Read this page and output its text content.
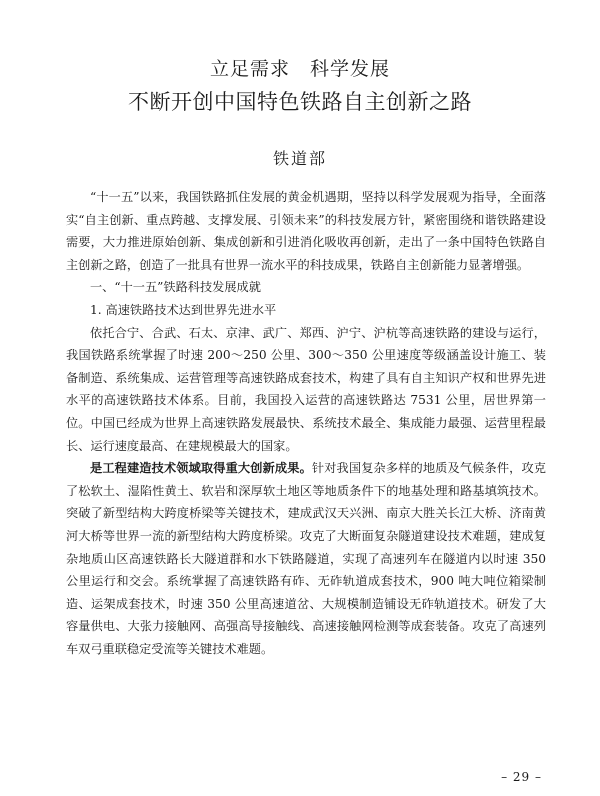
立足需求　科学发展
不断开创中国特色铁路自主创新之路
铁道部

“十一五”以来，我国铁路抓住发展的黄金机遇期，坚持以科学发展观为指导，全面落实“自主创新、重点跨越、支撑发展、引领未来”的科技发展方针，紧密围绕和谐铁路建设需要，大力推进原始创新、集成创新和引进消化吸收再创新，走出了一条中国特色铁路自主创新之路，创造了一批具有世界一流水平的科技成果，铁路自主创新能力显著增强。

一、“十一五”铁路科技发展成就

1. 高速铁路技术达到世界先进水平

依托合宁、合武、石太、京津、武广、郑西、沪宁、沪杭等高速铁路的建设与运行，我国铁路系统掌握了时速 200～250 公里、300～350 公里速度等级涵盖设计施工、装备制造、系统集成、运营管理等高速铁路成套技术，构建了具有自主知识产权和世界先进水平的高速铁路技术体系。目前，我国投入运营的高速铁路达 7531 公里，居世界第一位。中国已经成为世界上高速铁路发展最快、系统技术最全、集成能力最强、运营里程最长、运行速度最高、在建规模最大的国家。

是工程建造技术领域取得重大创新成果。针对我国复杂多样的地质及气候条件，攻克了松软土、湿陷性黄土、软岩和深厚软土地区等地质条件下的地基处理和路基填筑技术。突破了新型结构大跨度桥梁等关键技术，建成武汉天兴洲、南京大胜关长江大桥、济南黄河大桥等世界一流的新型结构大跨度桥梁。攻克了大断面复杂隧道建设技术难题，建成复杂地质山区高速铁路长大隧道群和水下铁路隧道，实现了高速列车在隧道内以时速 350 公里运行和交会。系统掌握了高速铁路有砟、无砟轨道成套技术，900 吨大吨位箱梁制造、运架成套技术，时速 350 公里高速道岔、大规模制造铺设无砟轨道技术。研发了大容量供电、大张力接触网、高强高导接触线、高速接触网检测等成套装备。攻克了高速列车双弓重联稳定受流等关键技术难题。

– 29 –
